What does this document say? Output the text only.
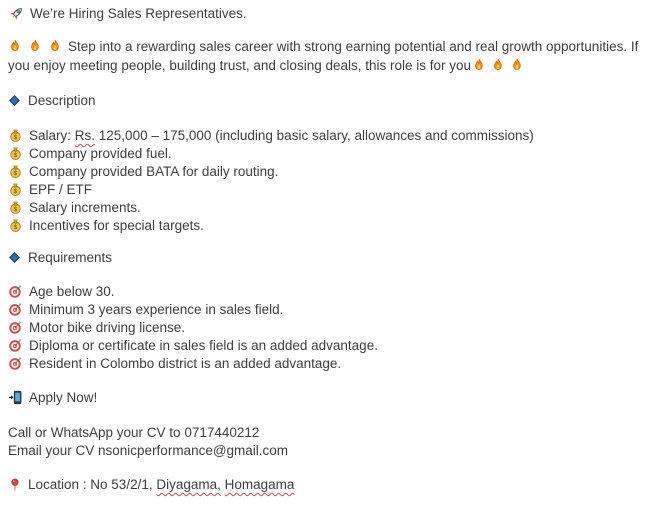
We’re Hiring Sales Representatives.
Step into a rewarding sales career with strong earning potential and real growth opportunities. If you enjoy meeting people, building trust, and closing deals, this role is for you
Description
$ Salary: Rs. 125,000 – 175,000 (including basic salary, allowances and commissions)
$ Company provided fuel.
$ Company provided BATA for daily routing.
$ EPF / ETF
$ Salary increments.
$ Incentives for special targets.
Requirements
Age below 30.
Minimum 3 years experience in sales field.
Motor bike driving license.
Diploma or certificate in sales field is an added advantage.
Resident in Colombo district is an added advantage.
Apply Now!
Call or WhatsApp your CV to 0717440212
Email your CV nsonicperformance@gmail.com
Location : No 53/2/1, Diyagama, Homagama
